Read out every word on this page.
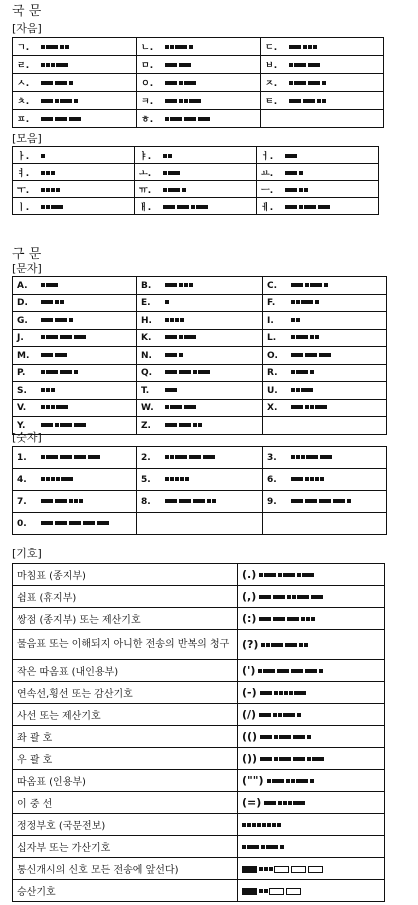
국 문
[자음]
ㄱ.	ㄴ.	ㄷ.
ㄹ.	ㅁ.	ㅂ.
ㅅ.	ㅇ.	ㅈ.
ㅊ.	ㅋ.	ㅌ.
ㅍ.	ㅎ.	
[모음]
ㅏ.	ㅑ.	ㅓ.
ㅕ.	ㅗ.	ㅛ.
ㅜ.	ㅠ.	ㅡ.
ㅣ.	ㅐ.	ㅔ.
구 문
[문자]
A.	B.	C.
D.	E.	F.
G.	H.	I.
J.	K.	L.
M.	N.	O.
P.	Q.	R.
S.	T.	U.
V.	W.	X.
Y.	Z.	
[숫자]
1.	2.	3.
4.	5.	6.
7.	8.	9.
0.		
[기호]
마침표 (종지부)	(.)
쉼표 (휴지부)	(,)
쌍점 (종지부) 또는 제산기호	(:)
물음표 또는 이해되지 아니한 전송의 반복의 청구	(?)
작은 따옴표 (내인용부)	(')
연속선,횡선 또는 감산기호	(-)
사선 또는 제산기호	(/)
좌 괄 호	(()
우 괄 호	())
따옴표 (인용부)	("")
이 중 선	(=)
정정부호 (국문전보)	
십자부 또는 가산기호	
통신개시의 신호 모든 전송에 앞선다)	
승산기호	
